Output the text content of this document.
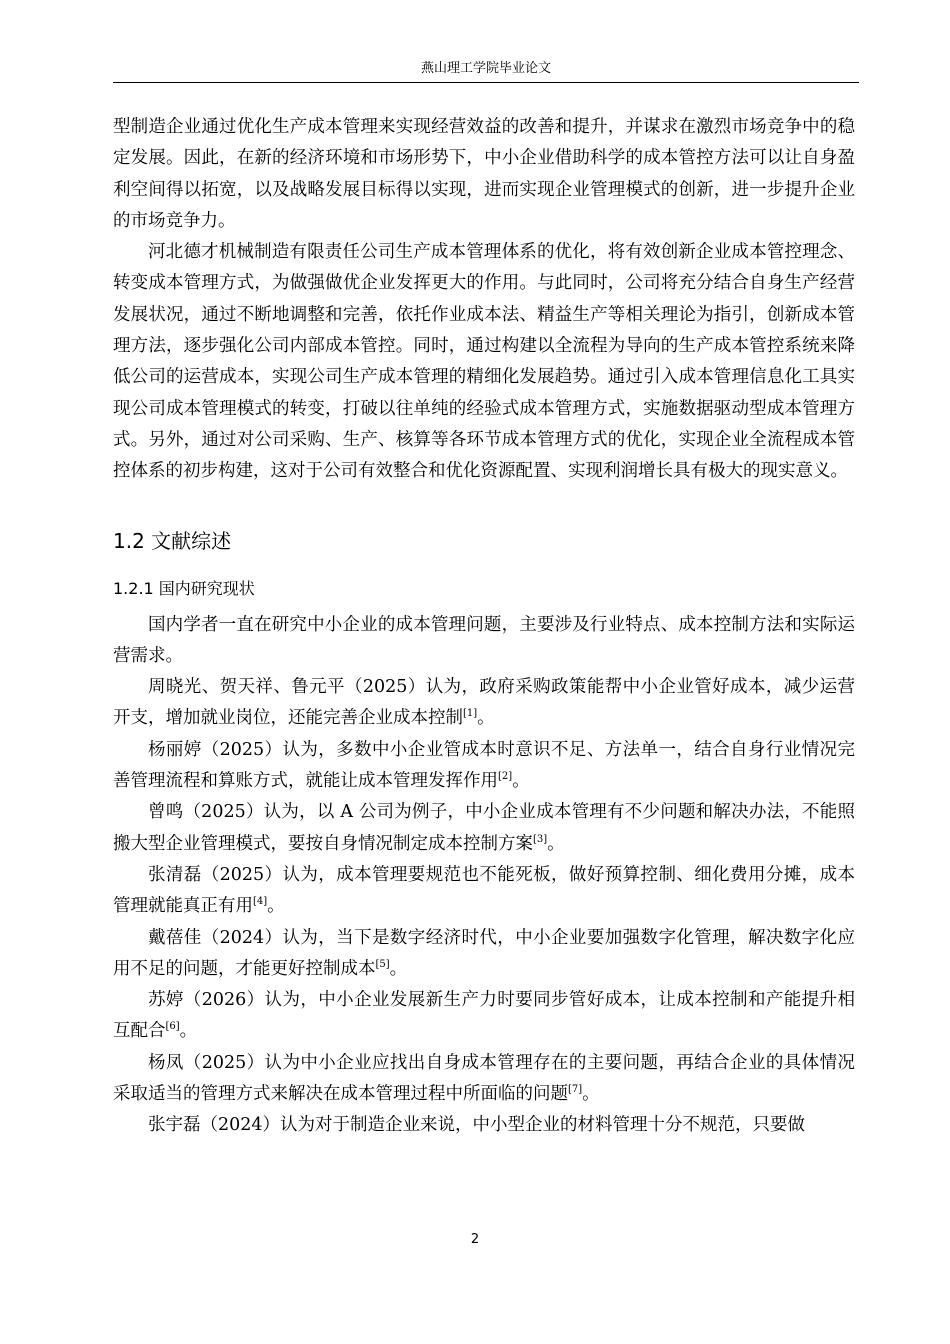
燕山理工学院毕业论文

型制造企业通过优化生产成本管理来实现经营效益的改善和提升，并谋求在激烈市场竞争中的稳定发展。因此，在新的经济环境和市场形势下，中小企业借助科学的成本管控方法可以让自身盈利空间得以拓宽，以及战略发展目标得以实现，进而实现企业管理模式的创新，进一步提升企业的市场竞争力。

河北德才机械制造有限责任公司生产成本管理体系的优化，将有效创新企业成本管控理念、转变成本管理方式，为做强做优企业发挥更大的作用。与此同时，公司将充分结合自身生产经营发展状况，通过不断地调整和完善，依托作业成本法、精益生产等相关理论为指引，创新成本管理方法，逐步强化公司内部成本管控。同时，通过构建以全流程为导向的生产成本管控系统来降低公司的运营成本，实现公司生产成本管理的精细化发展趋势。通过引入成本管理信息化工具实现公司成本管理模式的转变，打破以往单纯的经验式成本管理方式，实施数据驱动型成本管理方式。另外，通过对公司采购、生产、核算等各环节成本管理方式的优化，实现企业全流程成本管控体系的初步构建，这对于公司有效整合和优化资源配置、实现利润增长具有极大的现实意义。

1.2 文献综述
1.2.1 国内研究现状

国内学者一直在研究中小企业的成本管理问题，主要涉及行业特点、成本控制方法和实际运营需求。

周晓光、贺天祥、鲁元平（2025）认为，政府采购政策能帮中小企业管好成本，减少运营开支，增加就业岗位，还能完善企业成本控制[1]。

杨丽婷（2025）认为，多数中小企业管成本时意识不足、方法单一，结合自身行业情况完善管理流程和算账方式，就能让成本管理发挥作用[2]。

曾鸣（2025）认为，以 A 公司为例子，中小企业成本管理有不少问题和解决办法，不能照搬大型企业管理模式，要按自身情况制定成本控制方案[3]。

张清磊（2025）认为，成本管理要规范也不能死板，做好预算控制、细化费用分摊，成本管理就能真正有用[4]。

戴蓓佳（2024）认为，当下是数字经济时代，中小企业要加强数字化管理，解决数字化应用不足的问题，才能更好控制成本[5]。

苏婷（2026）认为，中小企业发展新生产力时要同步管好成本，让成本控制和产能提升相互配合[6]。

杨凤（2025）认为中小企业应找出自身成本管理存在的主要问题，再结合企业的具体情况采取适当的管理方式来解决在成本管理过程中所面临的问题[7]。

张宇磊（2024）认为对于制造企业来说，中小型企业的材料管理十分不规范，只要做

2
